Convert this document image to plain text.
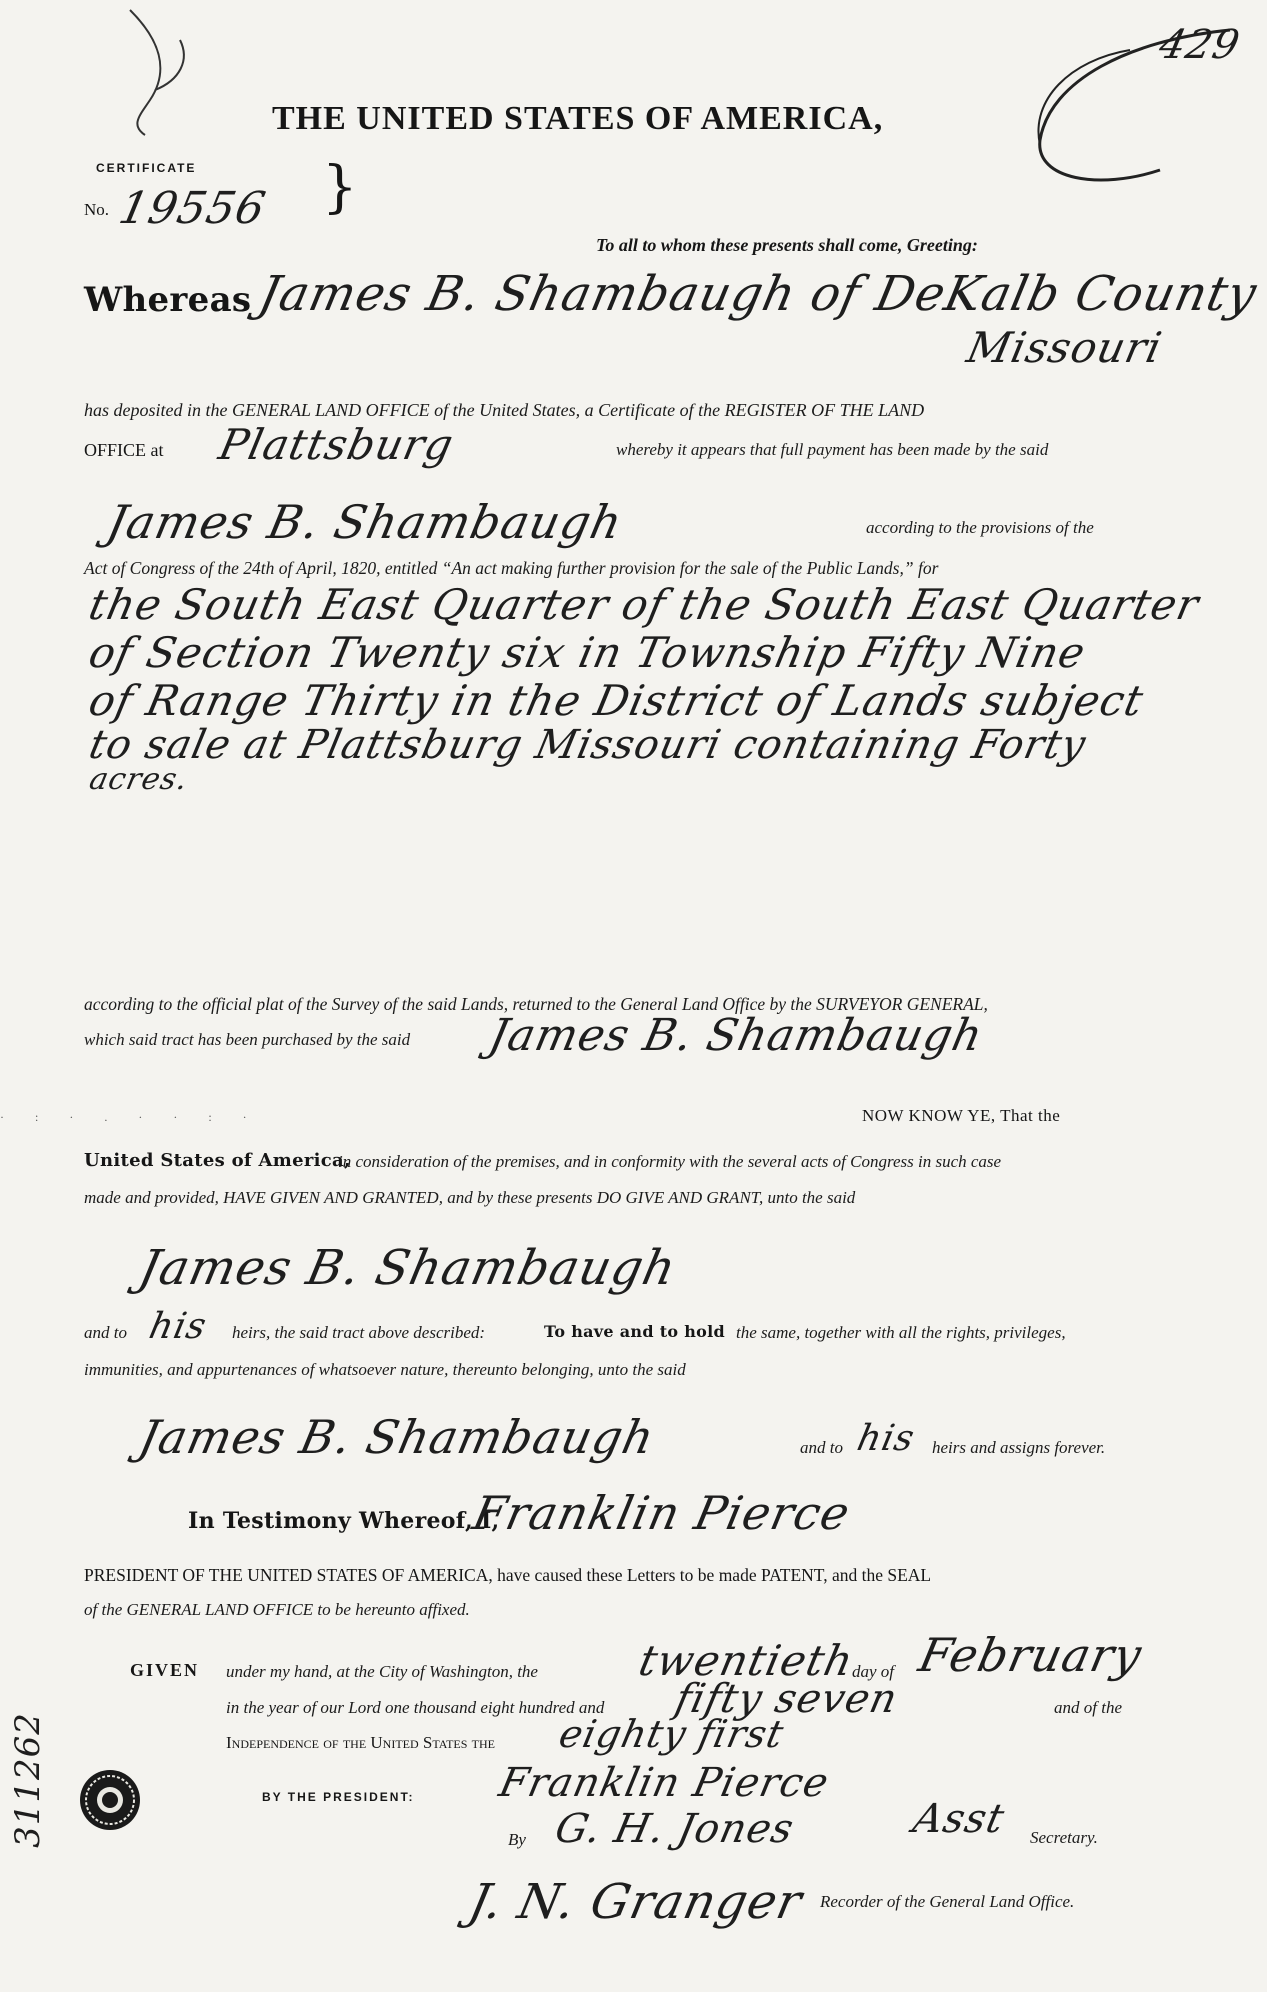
429
THE UNITED STATES OF AMERICA,
CERTIFICATE
No. 19556 }
To all to whom these presents shall come, Greeting:
Whereas James B. Shambaugh of DeKalb County
Missouri
has deposited in the GENERAL LAND OFFICE of the United States, a Certificate of the REGISTER OF THE LAND
OFFICE at Plattsburg	whereby it appears that full payment has been made by the said
James B. Shambaugh	according to the provisions of the
Act of Congress of the 24th of April, 1820, entitled “An act making further provision for the sale of the Public Lands,” for
the South East Quarter of the South East Quarter
of Section Twenty six in Township Fifty Nine
of Range Thirty in the District of Lands subject
to sale at Plattsburg Missouri containing Forty
acres.
according to the official plat of the Survey of the said Lands, returned to the General Land Office by the SURVEYOR GENERAL,
which said tract has been purchased by the said James B. Shambaugh
· : · . · · : ·	NOW KNOW YE, That the
United States of America,
in consideration of the premises, and in conformity with the several acts of Congress in such case
made and provided, HAVE GIVEN AND GRANTED, and by these presents DO GIVE AND GRANT, unto the said
James B. Shambaugh
and to his heirs, the said tract above described:	To have and to hold the same, together with all the rights, privileges,
immunities, and appurtenances of whatsoever nature, thereunto belonging, unto the said
James B. Shambaugh	and to his heirs and assigns forever.
In Testimony Whereof, I,
Franklin Pierce
PRESIDENT OF THE UNITED STATES OF AMERICA, have caused these Letters to be made PATENT, and the SEAL
of the GENERAL LAND OFFICE to be hereunto affixed.
GIVEN under my hand, at the City of Washington, the twentieth
day of February
in the year of our Lord one thousand eight hundred and fifty seven	and of the
Independence of the United States the eighty first
BY THE PRESIDENT: Franklin Pierce
By G. H. Jones	Asst Secretary.
J. N. Granger Recorder of the General Land Office.
311262
